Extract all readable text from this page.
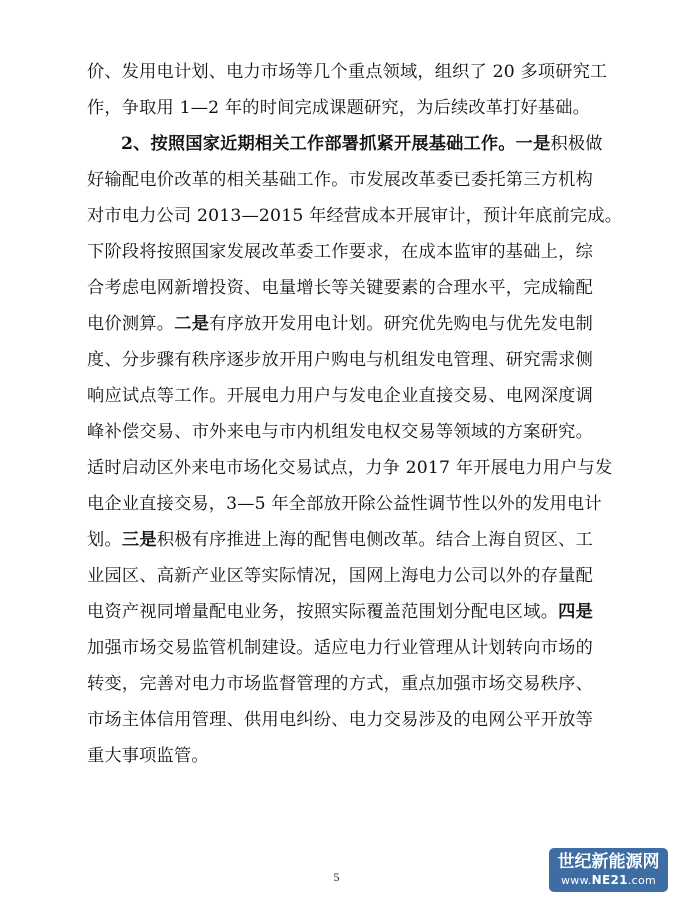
价、发用电计划、电力市场等几个重点领域，组织了 20 多项研究工
作，争取用 1—2 年的时间完成课题研究，为后续改革打好基础。
2、按照国家近期相关工作部署抓紧开展基础工作。一是积极做
好输配电价改革的相关基础工作。市发展改革委已委托第三方机构
对市电力公司 2013—2015 年经营成本开展审计，预计年底前完成。
下阶段将按照国家发展改革委工作要求，在成本监审的基础上，综
合考虑电网新增投资、电量增长等关键要素的合理水平，完成输配
电价测算。二是有序放开发用电计划。研究优先购电与优先发电制
度、分步骤有秩序逐步放开用户购电与机组发电管理、研究需求侧
响应试点等工作。开展电力用户与发电企业直接交易、电网深度调
峰补偿交易、市外来电与市内机组发电权交易等领域的方案研究。
适时启动区外来电市场化交易试点，力争 2017 年开展电力用户与发
电企业直接交易，3—5 年全部放开除公益性调节性以外的发用电计
划。三是积极有序推进上海的配售电侧改革。结合上海自贸区、工
业园区、高新产业区等实际情况，国网上海电力公司以外的存量配
电资产视同增量配电业务，按照实际覆盖范围划分配电区域。四是
加强市场交易监管机制建设。适应电力行业管理从计划转向市场的
转变，完善对电力市场监督管理的方式，重点加强市场交易秩序、
市场主体信用管理、供用电纠纷、电力交易涉及的电网公平开放等
重大事项监管。
5
世纪新能源网
www.NE21.com
